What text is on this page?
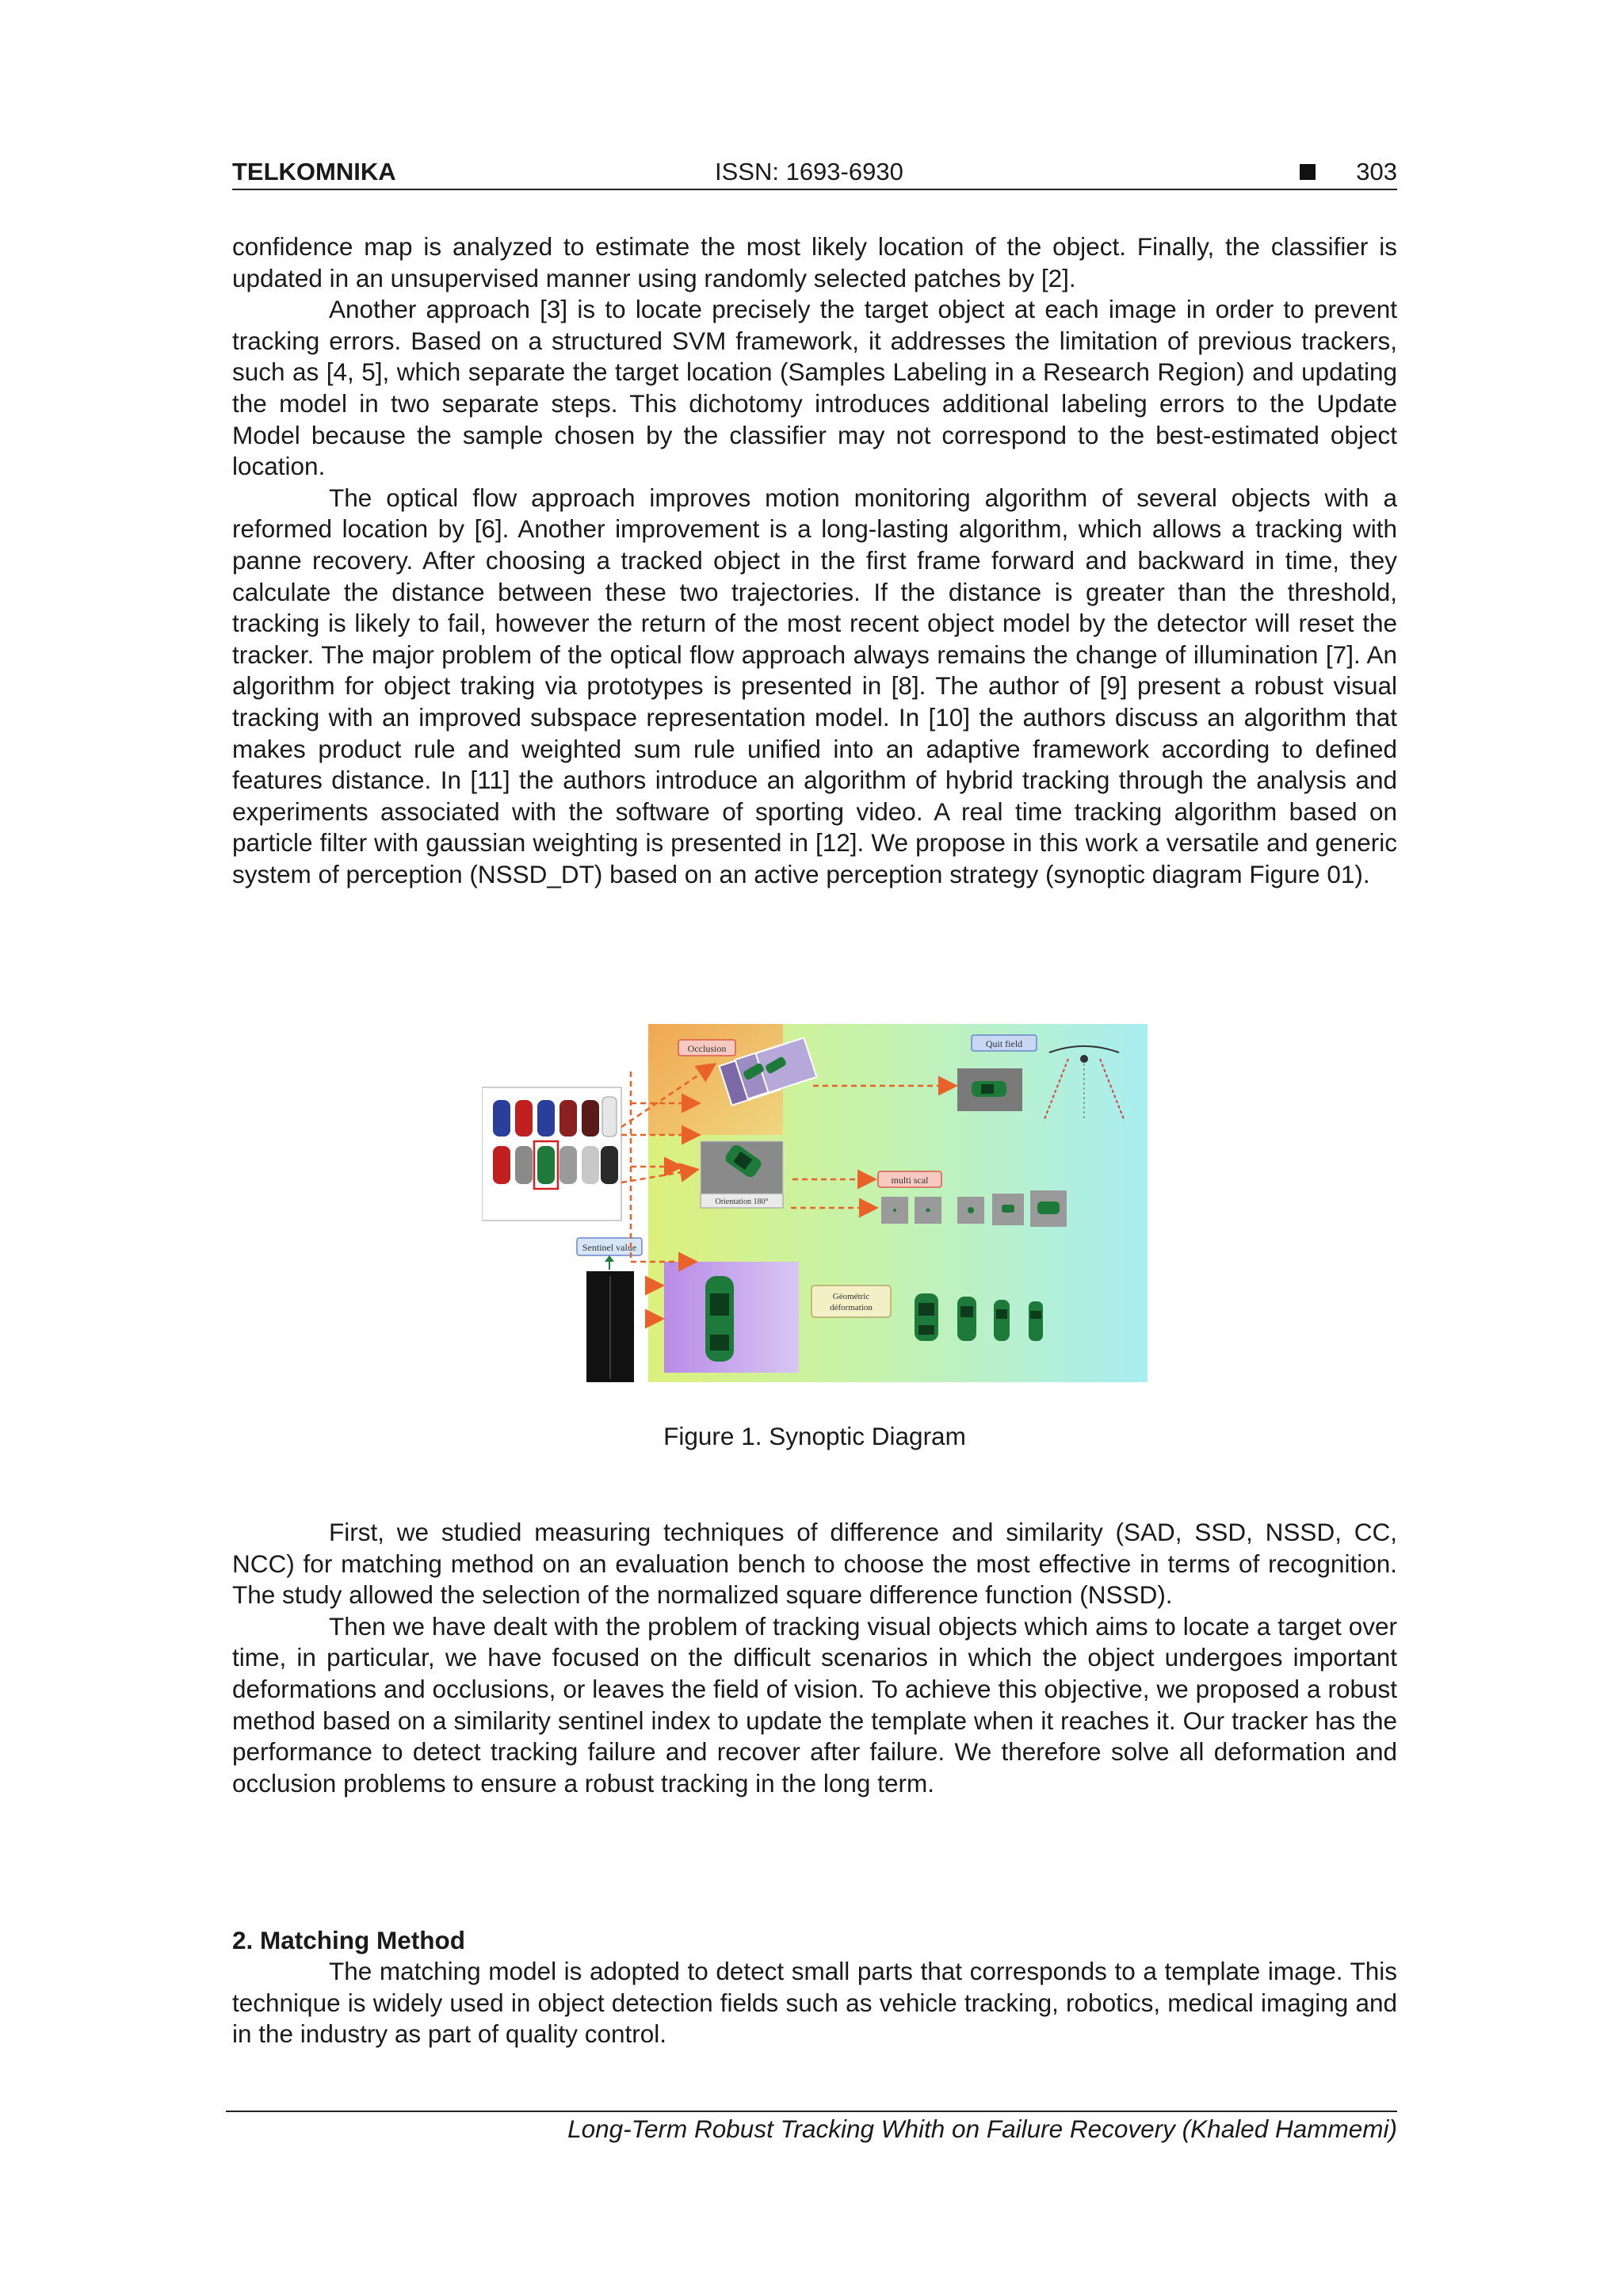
TELKOMNIKA	ISSN: 1693-6930	303

confidence map is analyzed to estimate the most likely location of the object. Finally, the classifier is updated in an unsupervised manner using randomly selected patches by [2].

Another approach [3] is to locate precisely the target object at each image in order to prevent tracking errors. Based on a structured SVM framework, it addresses the limitation of previous trackers, such as [4, 5], which separate the target location (Samples Labeling in a Research Region) and updating the model in two separate steps. This dichotomy introduces additional labeling errors to the Update Model because the sample chosen by the classifier may not correspond to the best-estimated object location.

The optical flow approach improves motion monitoring algorithm of several objects with a reformed location by [6]. Another improvement is a long-lasting algorithm, which allows a tracking with panne recovery. After choosing a tracked object in the first frame forward and backward in time, they calculate the distance between these two trajectories. If the distance is greater than the threshold, tracking is likely to fail, however the return of the most recent object model by the detector will reset the tracker. The major problem of the optical flow approach always remains the change of illumination [7]. An algorithm for object traking via prototypes is presented in [8]. The author of [9] present a robust visual tracking with an improved subspace representation model. In [10] the authors discuss an algorithm that makes product rule and weighted sum rule unified into an adaptive framework according to defined features distance. In [11] the authors introduce an algorithm of hybrid tracking through the analysis and experiments associated with the software of sporting video. A real time tracking algorithm based on particle filter with gaussian weighting is presented in [12]. We propose in this work a versatile and generic system of perception (NSSD_DT) based on an active perception strategy (synoptic diagram Figure 01).

Occlusion	Quit field
Orientation 180°
multi scal
Géométric
déformation
Sentinel value
Figure 1. Synoptic Diagram

First, we studied measuring techniques of difference and similarity (SAD, SSD, NSSD, CC, NCC) for matching method on an evaluation bench to choose the most effective in terms of recognition. The study allowed the selection of the normalized square difference function (NSSD).

Then we have dealt with the problem of tracking visual objects which aims to locate a target over time, in particular, we have focused on the difficult scenarios in which the object undergoes important deformations and occlusions, or leaves the field of vision. To achieve this objective, we proposed a robust method based on a similarity sentinel index to update the template when it reaches it. Our tracker has the performance to detect tracking failure and recover after failure. We therefore solve all deformation and occlusion problems to ensure a robust tracking in the long term.

2. Matching Method

The matching model is adopted to detect small parts that corresponds to a template image. This technique is widely used in object detection fields such as vehicle tracking, robotics, medical imaging and in the industry as part of quality control.

Long-Term Robust Tracking Whith on Failure Recovery (Khaled Hammemi)
